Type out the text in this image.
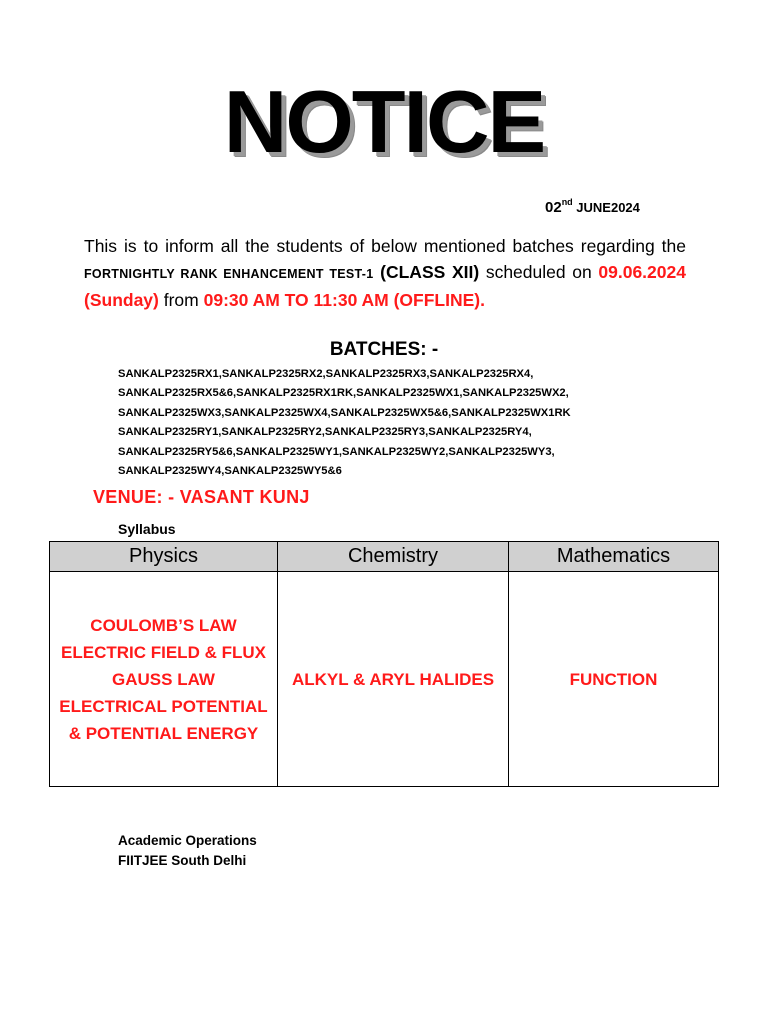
NOTICE
02nd JUNE2024
This is to inform all the students of below mentioned batches regarding the FORTNIGHTLY RANK ENHANCEMENT TEST-1 (CLASS XII) scheduled on 09.06.2024 (Sunday) from 09:30 AM TO 11:30 AM (OFFLINE).
BATCHES: -
SANKALP2325RX1,SANKALP2325RX2,SANKALP2325RX3,SANKALP2325RX4,
SANKALP2325RX5&6,SANKALP2325RX1RK,SANKALP2325WX1,SANKALP2325WX2,
SANKALP2325WX3,SANKALP2325WX4,SANKALP2325WX5&6,SANKALP2325WX1RK
SANKALP2325RY1,SANKALP2325RY2,SANKALP2325RY3,SANKALP2325RY4,
SANKALP2325RY5&6,SANKALP2325WY1,SANKALP2325WY2,SANKALP2325WY3,
SANKALP2325WY4,SANKALP2325WY5&6
VENUE: - VASANT KUNJ
Syllabus
Physics	Chemistry	Mathematics

COULOMB’S LAW
ELECTRIC FIELD & FLUX
GAUSS LAW
ELECTRICAL POTENTIAL
& POTENTIAL ENERGY	ALKYL & ARYL HALIDES	FUNCTION
Academic Operations
FIITJEE South Delhi
